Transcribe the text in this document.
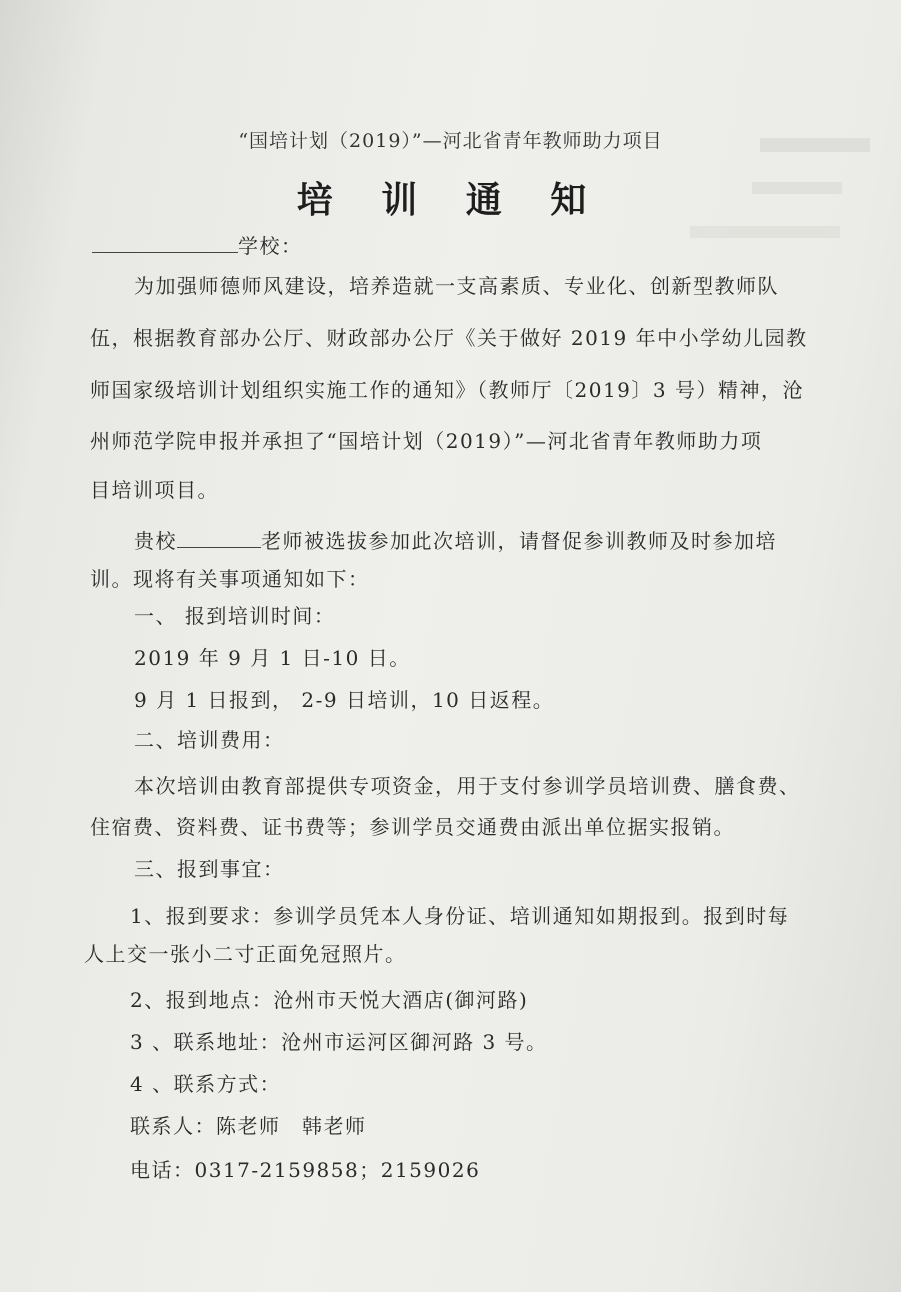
“国培计划（2019）”—河北省青年教师助力项目
培 训 通 知
学校：
为加强师德师风建设，培养造就一支高素质、专业化、创新型教师队
伍，根据教育部办公厅、财政部办公厅《关于做好 2019 年中小学幼儿园教
师国家级培训计划组织实施工作的通知》（教师厅〔2019〕3 号）精神，沧
州师范学院申报并承担了“国培计划（2019）”—河北省青年教师助力项
目培训项目。
贵校	老师被选拔参加此次培训，请督促参训教师及时参加培
训。现将有关事项通知如下：
一、 报到培训时间：
2019 年 9 月 1 日-10 日。
9 月 1 日报到， 2-9 日培训，10 日返程。
二、培训费用：
本次培训由教育部提供专项资金，用于支付参训学员培训费、膳食费、
住宿费、资料费、证书费等；参训学员交通费由派出单位据实报销。
三、报到事宜：
1、报到要求：参训学员凭本人身份证、培训通知如期报到。报到时每
人上交一张小二寸正面免冠照片。
2、报到地点：沧州市天悦大酒店(御河路)
3 、联系地址：沧州市运河区御河路 3 号。
4 、联系方式：
联系人：陈老师　韩老师
电话：0317-2159858；2159026
